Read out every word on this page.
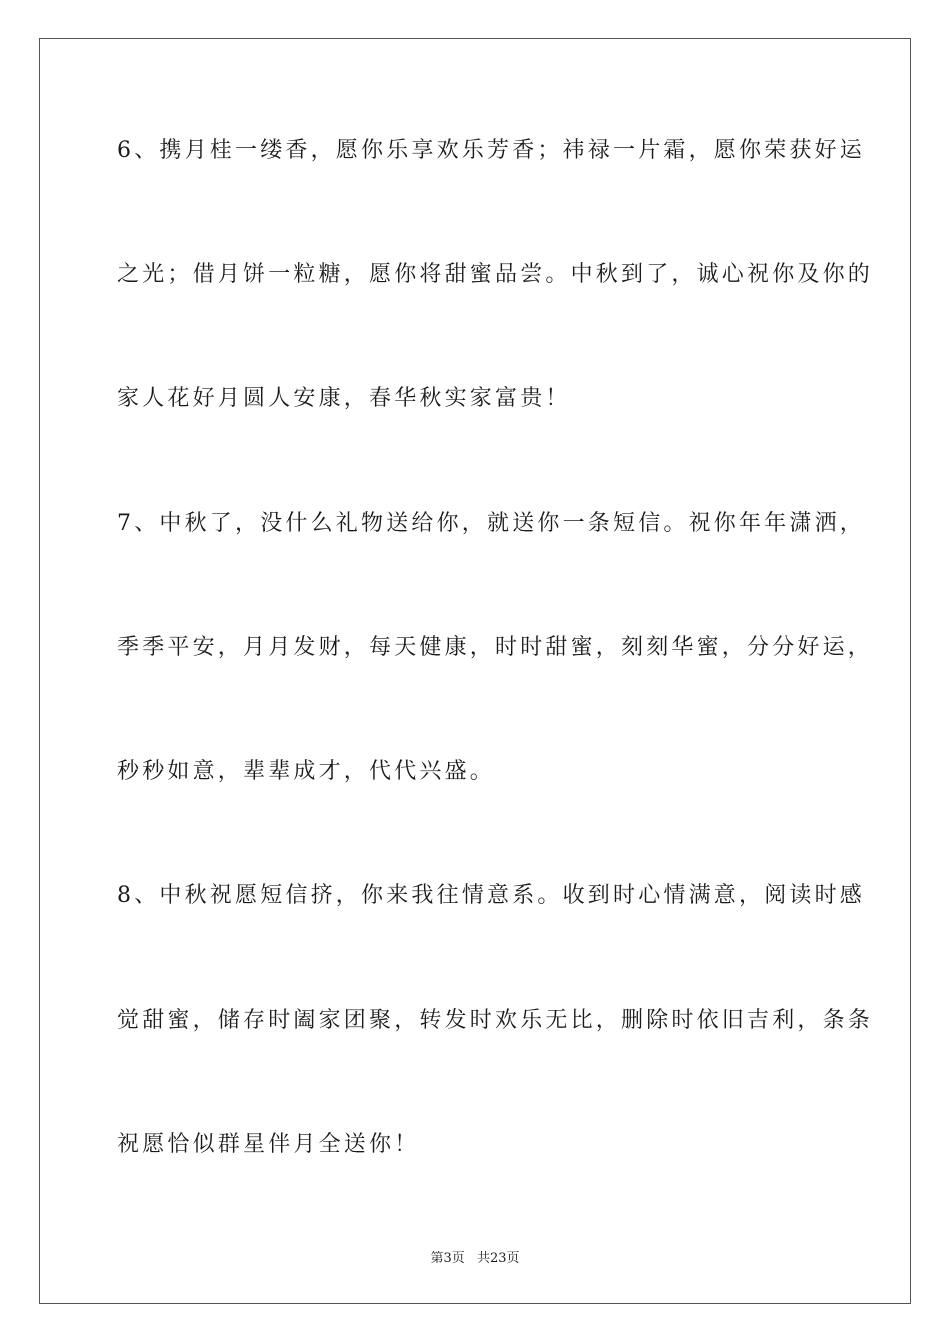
6、携月桂一缕香，愿你乐享欢乐芳香；祎禄一片霜，愿你荣获好运
之光；借月饼一粒糖，愿你将甜蜜品尝。中秋到了，诚心祝你及你的
家人花好月圆人安康，春华秋实家富贵！
7、中秋了，没什么礼物送给你，就送你一条短信。祝你年年潇洒，
季季平安，月月发财，每天健康，时时甜蜜，刻刻华蜜，分分好运，
秒秒如意，辈辈成才，代代兴盛。
8、中秋祝愿短信挤，你来我往情意系。收到时心情满意，阅读时感
觉甜蜜，储存时阖家团聚，转发时欢乐无比，删除时依旧吉利，条条
祝愿恰似群星伴月全送你！
第3页 共23页
